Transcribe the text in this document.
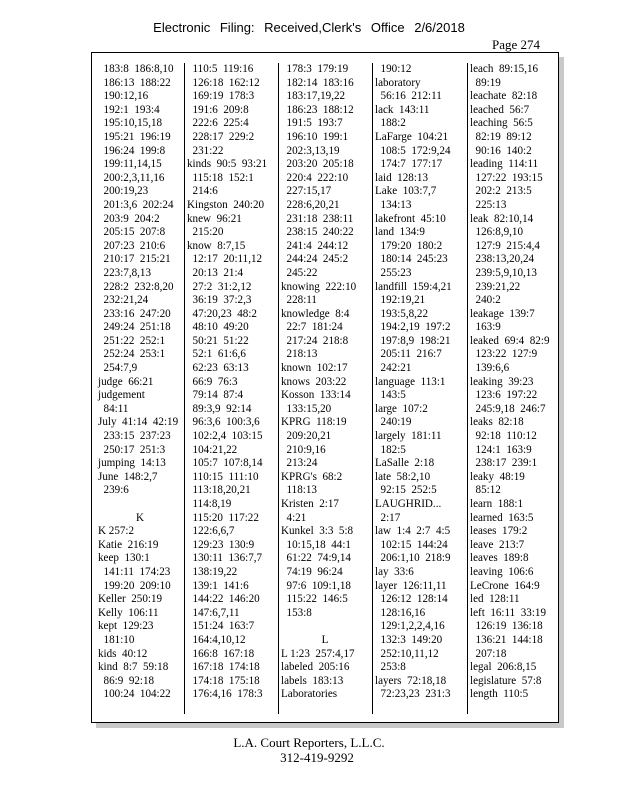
Electronic Filing: Received,Clerk's Office 2/6/2018
Page 274
183:8  186:8,10
186:13  188:22
190:12,16
192:1  193:4
195:10,15,18
195:21  196:19
196:24  199:8
199:11,14,15
200:2,3,11,16
200:19,23
201:3,6  202:24
203:9  204:2
205:15  207:8
207:23  210:6
210:17  215:21
223:7,8,13
228:2  232:8,20
232:21,24
233:16  247:20
249:24  251:18
251:22  252:1
252:24  253:1
254:7,9
judge  66:21
judgement
84:11
July  41:14  42:19
233:15  237:23
250:17  251:3
jumping  14:13
June  148:2,7
239:6
K
K 257:2
Katie  216:19
keep  130:1
141:11  174:23
199:20  209:10
Keller  250:19
Kelly  106:11
kept  129:23
181:10
kids  40:12
kind  8:7  59:18
86:9  92:18
100:24  104:22
110:5  119:16
126:18  162:12
169:19  178:3
191:6  209:8
222:6  225:4
228:17  229:2
231:22
kinds  90:5  93:21
115:18  152:1
214:6
Kingston  240:20
knew  96:21
215:20
know  8:7,15
12:17  20:11,12
20:13  21:4
27:2  31:2,12
36:19  37:2,3
47:20,23  48:2
48:10  49:20
50:21  51:22
52:1  61:6,6
62:23  63:13
66:9  76:3
79:14  87:4
89:3,9  92:14
96:3,6  100:3,6
102:2,4  103:15
104:21,22
105:7  107:8,14
110:15  111:10
113:18,20,21
114:8,19
115:20  117:22
122:6,6,7
129:23  130:9
130:11  136:7,7
138:19,22
139:1  141:6
144:22  146:20
147:6,7,11
151:24  163:7
164:4,10,12
166:8  167:18
167:18  174:18
174:18  175:18
176:4,16  178:3
178:3  179:19
182:14  183:16
183:17,19,22
186:23  188:12
191:5  193:7
196:10  199:1
202:3,13,19
203:20  205:18
220:4  222:10
227:15,17
228:6,20,21
231:18  238:11
238:15  240:22
241:4  244:12
244:24  245:2
245:22
knowing  222:10
228:11
knowledge  8:4
22:7  181:24
217:24  218:8
218:13
known  102:17
knows  203:22
Kosson  133:14
133:15,20
KPRG  118:19
209:20,21
210:9,16
213:24
KPRG's  68:2
118:13
Kristen  2:17
4:21
Kunkel  3:3  5:8
10:15,18  44:1
61:22  74:9,14
74:19  96:24
97:6  109:1,18
115:22  146:5
153:8
L
L 1:23  257:4,17
labeled  205:16
labels  183:13
Laboratories
190:12
laboratory
56:16  212:11
lack  143:11
188:2
LaFarge  104:21
108:5  172:9,24
174:7  177:17
laid  128:13
Lake  103:7,7
134:13
lakefront  45:10
land  134:9
179:20  180:2
180:14  245:23
255:23
landfill  159:4,21
192:19,21
193:5,8,22
194:2,19  197:2
197:8,9  198:21
205:11  216:7
242:21
language  113:1
143:5
large  107:2
240:19
largely  181:11
182:5
LaSalle  2:18
late  58:2,10
92:15  252:5
LAUGHRID...
2:17
law  1:4  2:7  4:5
102:15  144:24
206:1,10  218:9
lay  33:6
layer  126:11,11
126:12  128:14
128:16,16
129:1,2,2,4,16
132:3  149:20
252:10,11,12
253:8
layers  72:18,18
72:23,23  231:3
leach  89:15,16
89:19
leachate  82:18
leached  56:7
leaching  56:5
82:19  89:12
90:16  140:2
leading  114:11
127:22  193:15
202:2  213:5
225:13
leak  82:10,14
126:8,9,10
127:9  215:4,4
238:13,20,24
239:5,9,10,13
239:21,22
240:2
leakage  139:7
163:9
leaked  69:4  82:9
123:22  127:9
139:6,6
leaking  39:23
123:6  197:22
245:9,18  246:7
leaks  82:18
92:18  110:12
124:1  163:9
238:17  239:1
leaky  48:19
85:12
learn  188:1
learned  163:5
leases  179:2
leave  213:7
leaves  189:8
leaving  106:6
LeCrone  164:9
led  128:11
left  16:11  33:19
126:19  136:18
136:21  144:18
207:18
legal  206:8,15
legislature  57:8
length  110:5
L.A. Court Reporters, L.L.C.
312-419-9292
